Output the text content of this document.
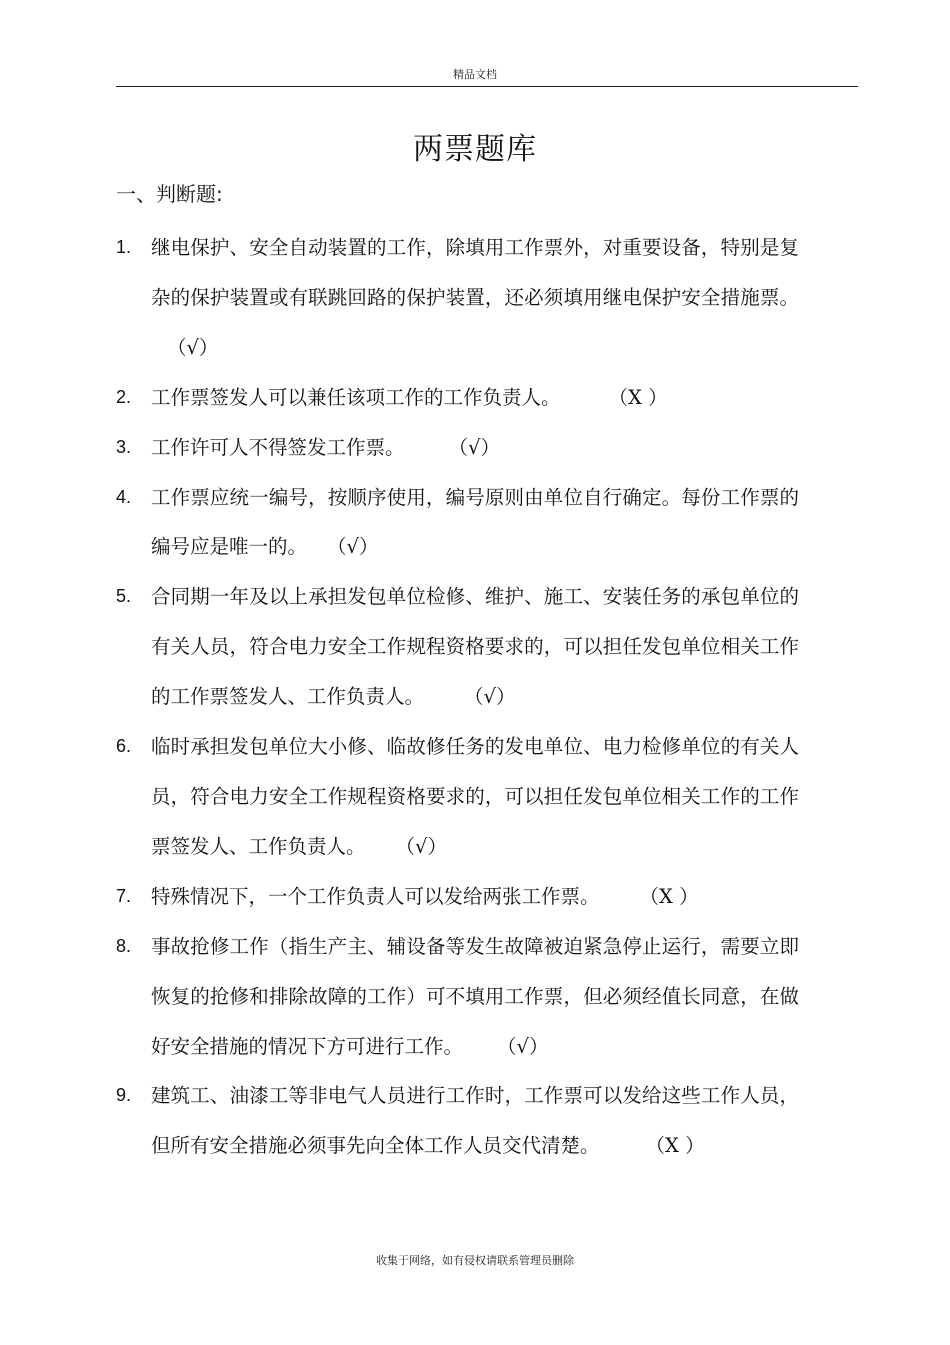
精品文档
两票题库
一、判断题:
1.	继电保护、安全自动装置的工作，除填用工作票外，对重要设备，特别是复杂的保护装置或有联跳回路的保护装置，还必须填用继电保护安全措施票。（√）
2.	工作票签发人可以兼任该项工作的工作负责人。 （X ）
3.	工作许可人不得签发工作票。 （√）
4.	工作票应统一编号，按顺序使用，编号原则由单位自行确定。每份工作票的编号应是唯一的。 （√）
5.	合同期一年及以上承担发包单位检修、维护、施工、安装任务的承包单位的有关人员，符合电力安全工作规程资格要求的，可以担任发包单位相关工作的工作票签发人、工作负责人。 （√）
6.	临时承担发包单位大小修、临故修任务的发电单位、电力检修单位的有关人员，符合电力安全工作规程资格要求的，可以担任发包单位相关工作的工作票签发人、工作负责人。 （√）
7.	特殊情况下，一个工作负责人可以发给两张工作票。 （X ）
8.	事故抢修工作（指生产主、辅设备等发生故障被迫紧急停止运行，需要立即恢复的抢修和排除故障的工作）可不填用工作票，但必须经值长同意，在做好安全措施的情况下方可进行工作。 （√）
9.	建筑工、油漆工等非电气人员进行工作时，工作票可以发给这些工作人员，但所有安全措施必须事先向全体工作人员交代清楚。 （X ）
收集于网络，如有侵权请联系管理员删除
